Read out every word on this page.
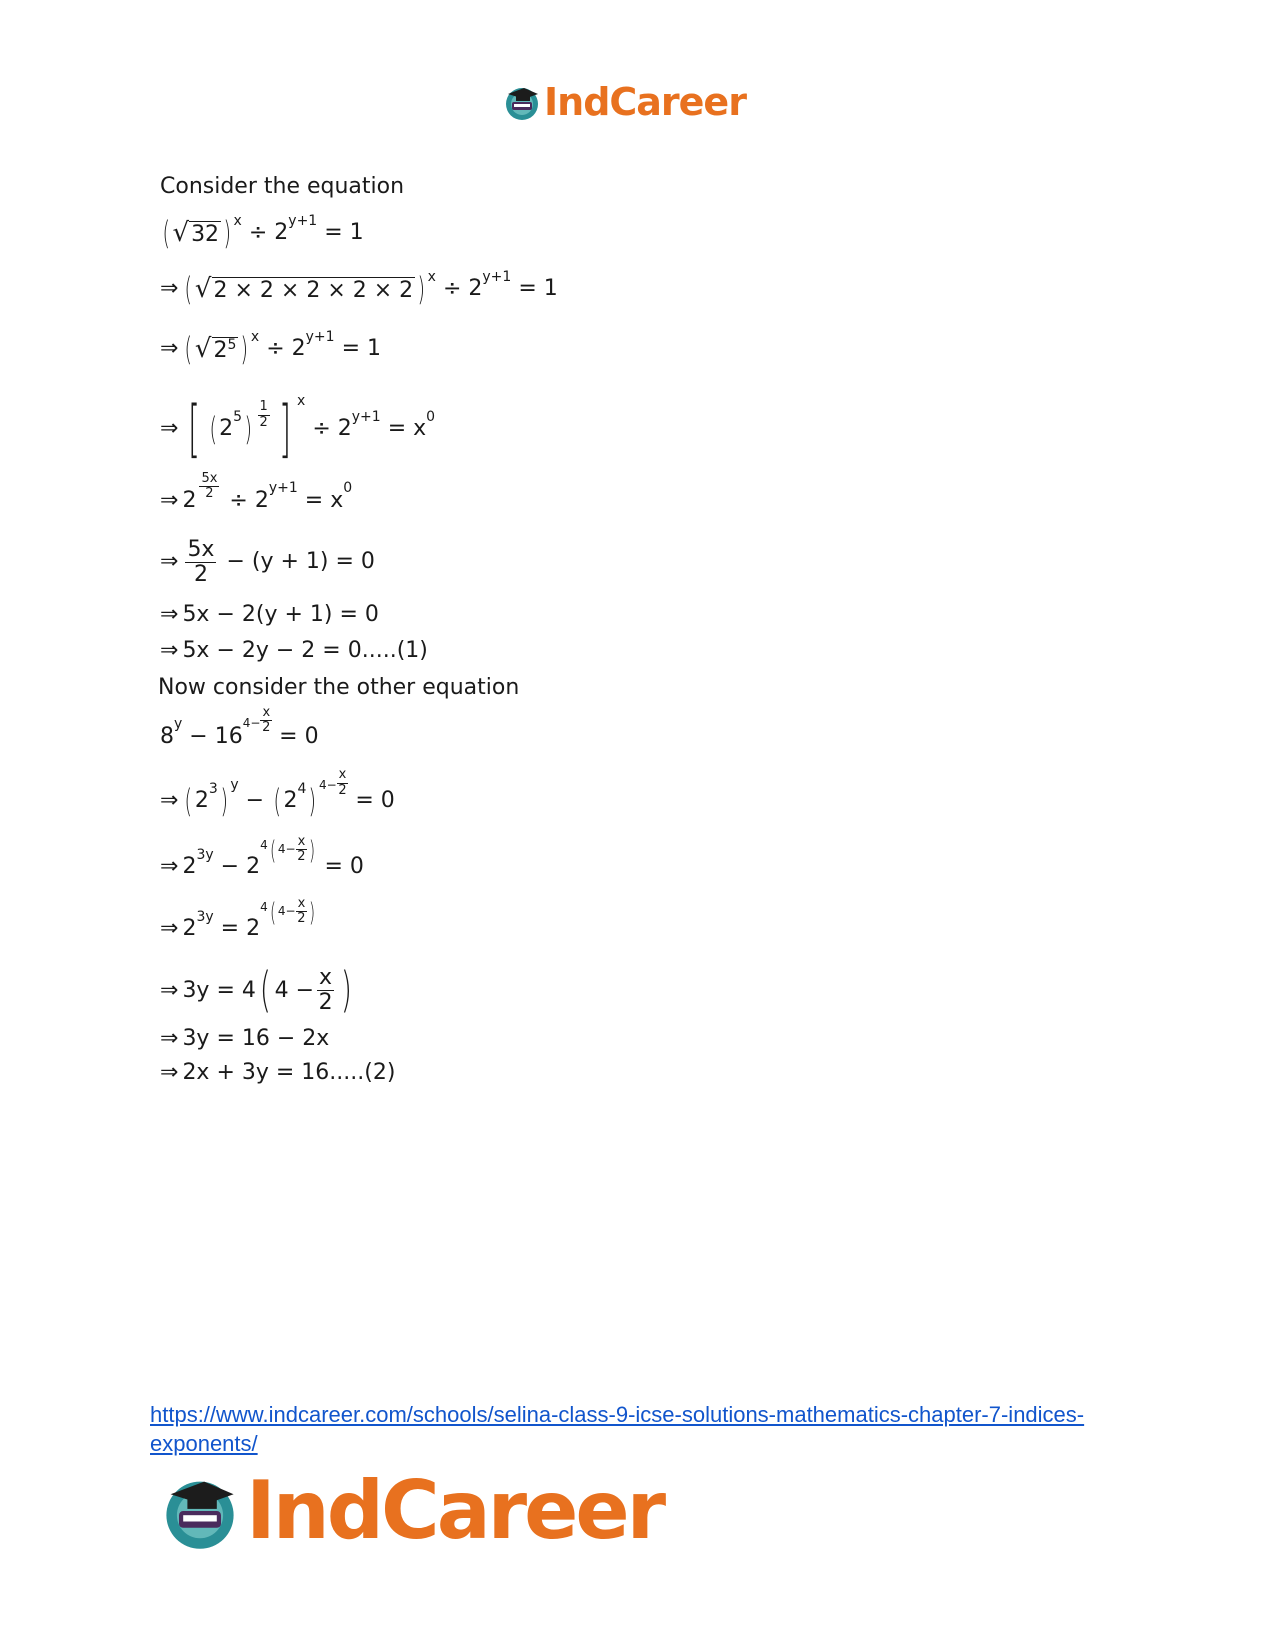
IndCareer
Consider the equation
( √ 32 ) x
÷
2 y+1
=
1
⇒ ( √ 2 × 2 × 2 × 2 × 2 ) x
÷
2 y+1
=
1
⇒ ( √ $2^5$ ) x
÷
2 y+1
=
1
⇒ [ ( 2 5 ) $\frac{1}{2}$ ] x

÷
2 y+1
=
x 0
⇒ $2 \frac{5x}{2}$
÷
2 y+1
=
x 0
⇒ $\frac{5x}{2}$
−
(y + 1) = 0
⇒ 5x − 2(y + 1) = 0
⇒ 5x − 2y − 2 = 0.....(1)
Now consider the other equation
8 y
−
16
$4- \frac{x}{2}$

=
0
⇒ ( 2 3 ) y

−
( 2 4 ) $4- \frac{x}{2}$

=
0
⇒ 2 3y
−
2
4 ( $4- \frac{x}{2}$ )

=
0
⇒ 2 3y
=
2
4 ( $4- \frac{x}{2}$ )
⇒ 3y = 4 ( $4 - \frac{x}{2}$ )
⇒ 3y = 16 − 2x
⇒ 2x + 3y = 16.....(2)
https://www.indcareer.com/schools/selina-class-9-icse-solutions-mathematics-chapter-7-indices-
exponents/
IndCareer
